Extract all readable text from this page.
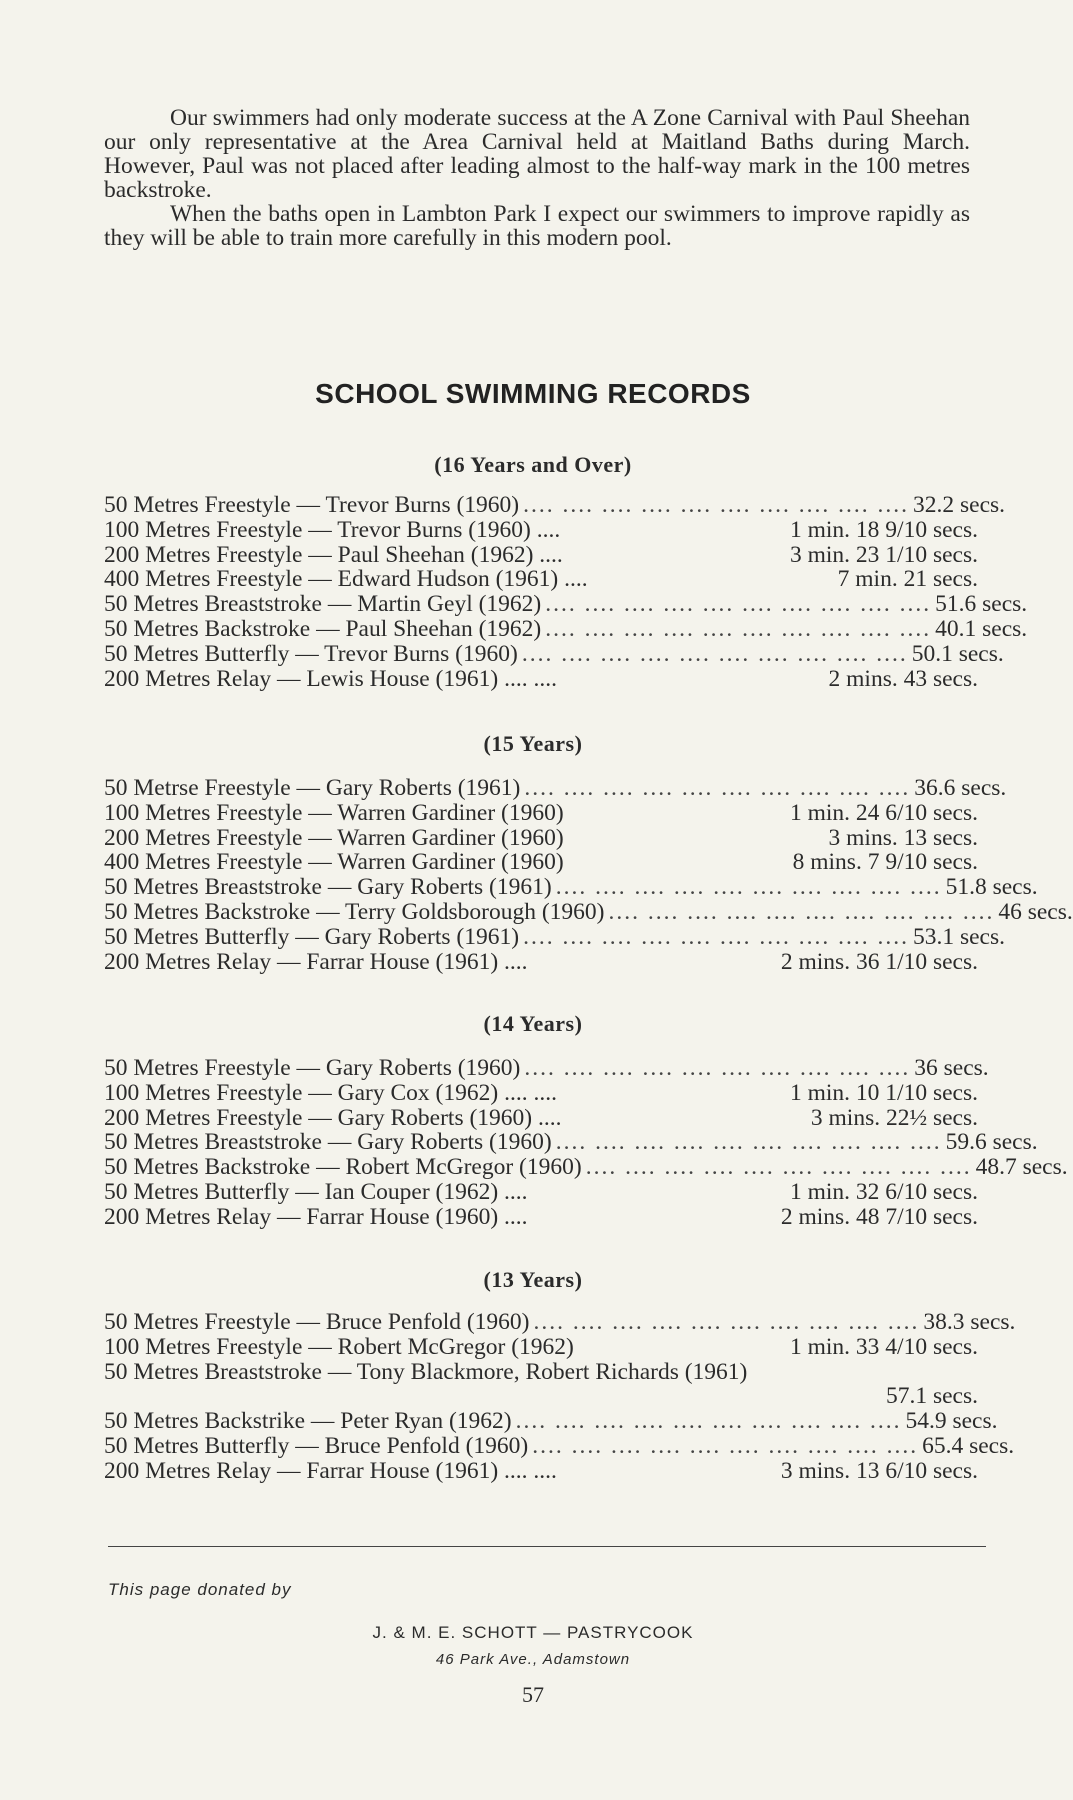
Our swimmers had only moderate success at the A Zone Carnival with Paul Sheehan our only representative at the Area Carnival held at Maitland Baths during March. However, Paul was not placed after leading almost to the half-way mark in the 100 metres backstroke.

When the baths open in Lambton Park I expect our swimmers to improve rapidly as they will be able to train more carefully in this modern pool.

SCHOOL SWIMMING RECORDS
(16 Years and Over)
50 Metres Freestyle — Trevor Burns (1960) .... .... .... .... .... .... .... .... .... .... 32.2 secs.
100 Metres Freestyle — Trevor Burns (1960) ....	1 min. 18 9/10 secs.
200 Metres Freestyle — Paul Sheehan (1962) ....	3 min. 23 1/10 secs.
400 Metres Freestyle — Edward Hudson (1961) ....	7 min. 21 secs.
50 Metres Breaststroke — Martin Geyl (1962) .... .... .... .... .... .... .... .... .... .... 51.6 secs.
50 Metres Backstroke — Paul Sheehan (1962) .... .... .... .... .... .... .... .... .... .... 40.1 secs.
50 Metres Butterfly — Trevor Burns (1960) .... .... .... .... .... .... .... .... .... .... 50.1 secs.
200 Metres Relay — Lewis House (1961) .... ....	2 mins. 43 secs.
(15 Years)
50 Metrse Freestyle — Gary Roberts (1961) .... .... .... .... .... .... .... .... .... .... 36.6 secs.
100 Metres Freestyle — Warren Gardiner (1960)	1 min. 24 6/10 secs.
200 Metres Freestyle — Warren Gardiner (1960)	3 mins. 13 secs.
400 Metres Freestyle — Warren Gardiner (1960)	8 mins. 7 9/10 secs.
50 Metres Breaststroke — Gary Roberts (1961) .... .... .... .... .... .... .... .... .... .... 51.8 secs.
50 Metres Backstroke — Terry Goldsborough (1960) .... .... .... .... .... .... .... .... .... .... 46 secs.
50 Metres Butterfly — Gary Roberts (1961) .... .... .... .... .... .... .... .... .... .... 53.1 secs.
200 Metres Relay — Farrar House (1961) ....	2 mins. 36 1/10 secs.
(14 Years)
50 Metres Freestyle — Gary Roberts (1960) .... .... .... .... .... .... .... .... .... .... 36 secs.
100 Metres Freestyle — Gary Cox (1962) .... ....	1 min. 10 1/10 secs.
200 Metres Freestyle — Gary Roberts (1960) ....	3 mins. 22½ secs.
50 Metres Breaststroke — Gary Roberts (1960) .... .... .... .... .... .... .... .... .... .... 59.6 secs.
50 Metres Backstroke — Robert McGregor (1960) .... .... .... .... .... .... .... .... .... .... 48.7 secs.
50 Metres Butterfly — Ian Couper (1962) ....	1 min. 32 6/10 secs.
200 Metres Relay — Farrar House (1960) ....	2 mins. 48 7/10 secs.
(13 Years)
50 Metres Freestyle — Bruce Penfold (1960) .... .... .... .... .... .... .... .... .... .... 38.3 secs.
100 Metres Freestyle — Robert McGregor (1962)	1 min. 33 4/10 secs.
50 Metres Breaststroke — Tony Blackmore, Robert Richards (1961)
57.1 secs.
50 Metres Backstrike — Peter Ryan (1962) .... .... .... .... .... .... .... .... .... .... 54.9 secs.
50 Metres Butterfly — Bruce Penfold (1960) .... .... .... .... .... .... .... .... .... .... 65.4 secs.
200 Metres Relay — Farrar House (1961) .... ....	3 mins. 13 6/10 secs.
This page donated by
J. & M. E. SCHOTT — PASTRYCOOK
46 Park Ave., Adamstown
57
